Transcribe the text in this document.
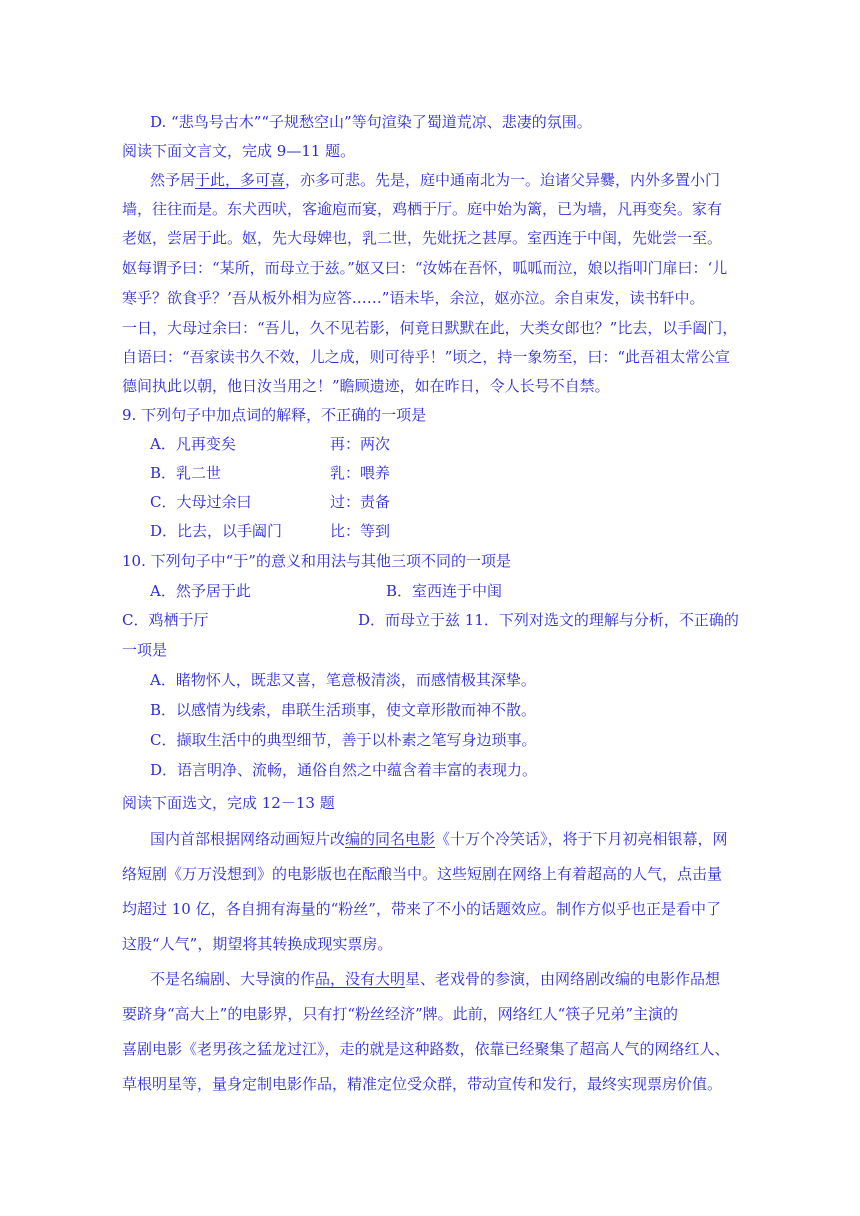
D. “悲鸟号古木”“子规愁空山”等句渲染了蜀道荒凉、悲凄的氛围。
阅读下面文言文，完成 9—11 题。
然予居于此，多可喜，亦多可悲。先是，庭中通南北为一。迨诸父异爨，内外多置小门
墙，往往而是。东犬西吠，客逾庖而宴，鸡栖于厅。庭中始为篱，已为墙，凡再变矣。家有
老妪，尝居于此。妪，先大母婢也，乳二世，先妣抚之甚厚。室西连于中闺，先妣尝一至。
妪每谓予曰：“某所，而母立于兹。”妪又曰：“汝姊在吾怀，呱呱而泣，娘以指叩门扉曰：‘儿
寒乎？欲食乎？’吾从板外相为应答……”语未毕，余泣，妪亦泣。余自束发，读书轩中。
一日，大母过余曰：“吾儿，久不见若影，何竟日默默在此，大类女郎也？”比去，以手阖门，
自语曰：“吾家读书久不效，儿之成，则可待乎！”顷之，持一象笏至，曰：“此吾祖太常公宣
德间执此以朝，他日汝当用之！”瞻顾遗迹，如在昨日，令人长号不自禁。
9. 下列句子中加点词的解释，不正确的一项是
A．凡再变矣	再：两次
B．乳二世	乳：喂养
C．大母过余曰	过：责备
D．比去，以手阖门	比：等到
10. 下列句子中“于”的意义和用法与其他三项不同的一项是
A．然予居于此	B．室西连于中闺
C．鸡栖于厅	D．而母立于兹 11．下列对选文的理解与分析，不正确的
一项是
A．睹物怀人，既悲又喜，笔意极清淡，而感情极其深挚。
B．以感情为线索，串联生活琐事，使文章形散而神不散。
C．撷取生活中的典型细节，善于以朴素之笔写身边琐事。
D．语言明净、流畅，通俗自然之中蕴含着丰富的表现力。
阅读下面选文，完成 12－13 题
国内首部根据网络动画短片改编的同名电影《十万个冷笑话》，将于下月初亮相银幕，网
络短剧《万万没想到》的电影版也在酝酿当中。这些短剧在网络上有着超高的人气，点击量
均超过 10 亿，各自拥有海量的“粉丝”，带来了不小的话题效应。制作方似乎也正是看中了
这股“人气”，期望将其转换成现实票房。
不是名编剧、大导演的作品，没有大明星、老戏骨的参演，由网络剧改编的电影作品想
要跻身“高大上”的电影界，只有打“粉丝经济”牌。此前，网络红人“筷子兄弟”主演的
喜剧电影《老男孩之猛龙过江》，走的就是这种路数，依靠已经聚集了超高人气的网络红人、
草根明星等，量身定制电影作品，精准定位受众群，带动宣传和发行，最终实现票房价值。
